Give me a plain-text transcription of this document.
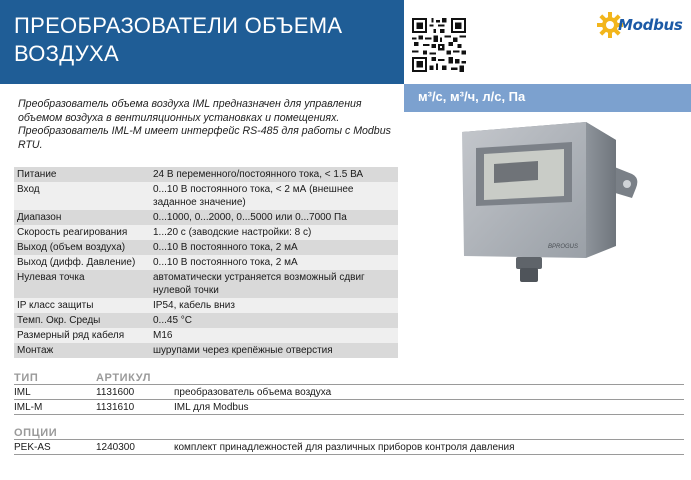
ПРЕОБРАЗОВАТЕЛИ ОБЪЕМА ВОЗДУХА
Modbus
м³/с, м³/ч, л/с, Па

Преобразователь объема воздуха IML предназначен для управления объемом воздуха в вентиляционных установках и помещениях. Преобразователь IML-M имеет интерфейс RS-485 для работы с Modbus RTU.

Питание	24 В переменного/постоянного тока, < 1.5 ВА
Вход	0...10 В постоянного тока, < 2 мА (внешнее заданное значение)
Диапазон	0...1000, 0...2000, 0...5000 или 0...7000 Па
Скорость реагирования	1...20 с (заводские настройки: 8 с)
Выход (объем воздуха)	0...10 В постоянного тока, 2 мА
Выход (дифф. Давление)	0...10 В постоянного тока, 2 мА
Нулевая точка	автоматически устраняется возможный сдвиг нулевой точки
IP класс защиты	IP54, кабель вниз
Темп. Окр. Среды	0...45 °C
Размерный ряд кабеля	M16
Монтаж	шурупами через крепёжные отверстия
BPROGUS
ТИП	АРТИКУЛ
IML	1131600	преобразователь объема воздуха
IML-M	1131610	IML для Modbus
ОПЦИИ
PEK-AS	1240300	комплект принадлежностей для различных приборов контроля давления
